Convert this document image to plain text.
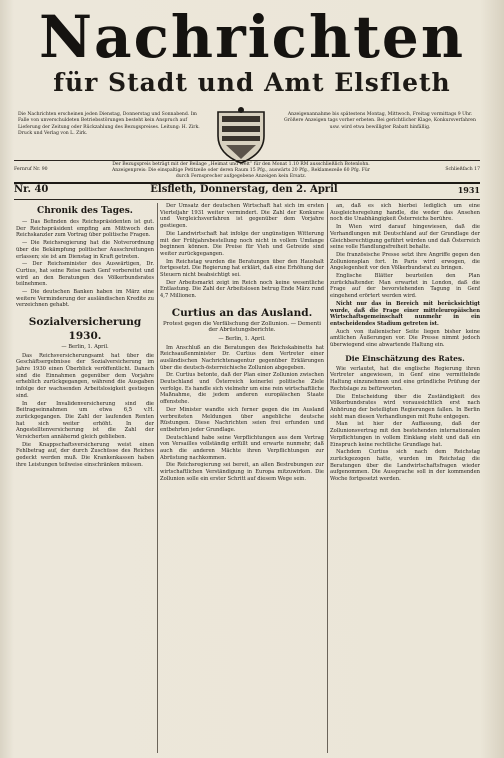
Nachrichten
für Stadt und Amt Elsfleth
Die Nachrichten erscheinen jeden Dienstag, Donnerstag und Sonnabend. Im Falle von unverschuldeten Betriebsstörungen besteht kein Anspruch auf Lieferung der Zeitung oder Rückzahlung des Bezugspreises. Leitung: H. Zirk. Druck und Verlag von L. Zirk.
Anzeigenannahme bis spätestens Montag, Mittwoch, Freitag vormittags 9 Uhr. Größere Anzeigen tags vorher erbeten. Bei gerichtlicher Klage, Konkursverfahren usw. wird etwa bewilligter Rabatt hinfällig.
Fernruf Nr. 90
Der Bezugspreis beträgt mit der Beilage „Heimat und Welt“ für den Monat 1.10 RM ausschließlich Botenlohn. Anzeigenpreis: Die einspaltige Petitzeile oder deren Raum 15 Pfg., auswärts 20 Pfg., Reklamezeile 60 Pfg. Für durch Fernsprecher aufgegebene Anzeigen kein Ersatz.
Schließfach 17
Nr. 40	Elsfleth, Donnerstag, den 2. April	1931
Chronik des Tages.

— Das Befinden des Reichspräsidenten ist gut. Der Reichspräsident empfing am Mittwoch den Reichskanzler zum Vortrag über politische Fragen.

— Die Reichsregierung hat die Notverordnung über die Bekämpfung politischer Ausschreitungen erlassen; sie ist am Dienstag in Kraft getreten.

— Der Reichsminister des Auswärtigen, Dr. Curtius, hat seine Reise nach Genf vorbereitet und wird an den Beratungen des Völkerbundsrates teilnehmen.

— Die deutschen Banken haben im März eine weitere Verminderung der ausländischen Kredite zu verzeichnen gehabt.

Sozialversicherung 1930.
— Berlin, 1. April.

Das Reichsversicherungsamt hat über die Geschäftsergebnisse der Sozialversicherung im Jahre 1930 einen Überblick veröffentlicht. Danach sind die Einnahmen gegenüber dem Vorjahre erheblich zurückgegangen, während die Ausgaben infolge der wachsenden Arbeitslosigkeit gestiegen sind.

In der Invalidenversicherung sind die Beitragseinnahmen um etwa 6,5 v.H. zurückgegangen. Die Zahl der laufenden Renten hat sich weiter erhöht. In der Angestelltenversicherung ist die Zahl der Versicherten annähernd gleich geblieben.

Die Knappschaftsversicherung weist einen Fehlbetrag auf, der durch Zuschüsse des Reiches gedeckt werden muß. Die Krankenkassen haben ihre Leistungen teilweise einschränken müssen.

Der Umsatz der deutschen Wirtschaft hat sich im ersten Vierteljahr 1931 weiter vermindert. Die Zahl der Konkurse und Vergleichsverfahren ist gegenüber dem Vorjahre gestiegen.

Die Landwirtschaft hat infolge der ungünstigen Witterung mit der Frühjahrsbestellung noch nicht in vollem Umfange beginnen können. Die Preise für Vieh und Getreide sind weiter zurückgegangen.

Im Reichstag wurden die Beratungen über den Haushalt fortgesetzt. Die Regierung hat erklärt, daß eine Erhöhung der Steuern nicht beabsichtigt sei.

Der Arbeitsmarkt zeigt im Reich noch keine wesentliche Entlastung. Die Zahl der Arbeitslosen betrug Ende März rund 4,7 Millionen.

Curtius an das Ausland.
Protest gegen die Verfälschung der Zollunion. — Dementi der Abrüstungsberichte.
— Berlin, 1. April.

Im Anschluß an die Beratungen des Reichskabinetts hat Reichsaußenminister Dr. Curtius dem Vertreter einer ausländischen Nachrichtenagentur gegenüber Erklärungen über die deutsch-österreichische Zollunion abgegeben.

Dr. Curtius betonte, daß der Plan einer Zollunion zwischen Deutschland und Österreich keinerlei politische Ziele verfolge. Es handle sich vielmehr um eine rein wirtschaftliche Maßnahme, die jedem anderen europäischen Staate offenstehe.

Der Minister wandte sich ferner gegen die im Ausland verbreiteten Meldungen über angebliche deutsche Rüstungen. Diese Nachrichten seien frei erfunden und entbehrten jeder Grundlage.

Deutschland habe seine Verpflichtungen aus dem Vertrag von Versailles vollständig erfüllt und erwarte nunmehr, daß auch die anderen Mächte ihren Verpflichtungen zur Abrüstung nachkommen.

Die Reichsregierung sei bereit, an allen Bestrebungen zur wirtschaftlichen Verständigung in Europa mitzuwirken. Die Zollunion solle ein erster Schritt auf diesem Wege sein.

an, daß es sich hierbei lediglich um eine Ausgleichsregelung handle, die weder das Ansehen noch die Unabhängigkeit Österreichs berühre.

In Wien wird darauf hingewiesen, daß die Verhandlungen mit Deutschland auf der Grundlage der Gleichberechtigung geführt würden und daß Österreich seine volle Handlungsfreiheit behalte.

Die französische Presse setzt ihre Angriffe gegen den Zollunionsplan fort. In Paris wird erwogen, die Angelegenheit vor den Völkerbundsrat zu bringen.

Englische Blätter beurteilen den Plan zurückhaltender. Man erwartet in London, daß die Frage auf der bevorstehenden Tagung in Genf eingehend erörtert werden wird.

Nicht nur das in Bereich mit berücksichtigt wurde, daß die Frage einer mitteleuropäischen Wirtschaftsgemeinschaft nunmehr in ein entscheidendes Stadium getreten ist.

Auch von italienischer Seite liegen bisher keine amtlichen Äußerungen vor. Die Presse nimmt jedoch überwiegend eine abwartende Haltung ein.

Die Einschätzung des Rates.

Wie verlautet, hat die englische Regierung ihren Vertreter angewiesen, in Genf eine vermittelnde Haltung einzunehmen und eine gründliche Prüfung der Rechtslage zu befürworten.

Die Entscheidung über die Zuständigkeit des Völkerbundsrates wird voraussichtlich erst nach Anhörung der beteiligten Regierungen fallen. In Berlin sieht man diesen Verhandlungen mit Ruhe entgegen.

Man ist hier der Auffassung, daß der Zollunionsvertrag mit den bestehenden internationalen Verpflichtungen in vollem Einklang steht und daß ein Einspruch keine rechtliche Grundlage hat.

Nachdem Curtius sich nach dem Reichstag zurückgezogen hatte, wurden im Reichstag die Beratungen über die Landwirtschaftsfragen wieder aufgenommen. Die Aussprache soll in der kommenden Woche fortgesetzt werden.
